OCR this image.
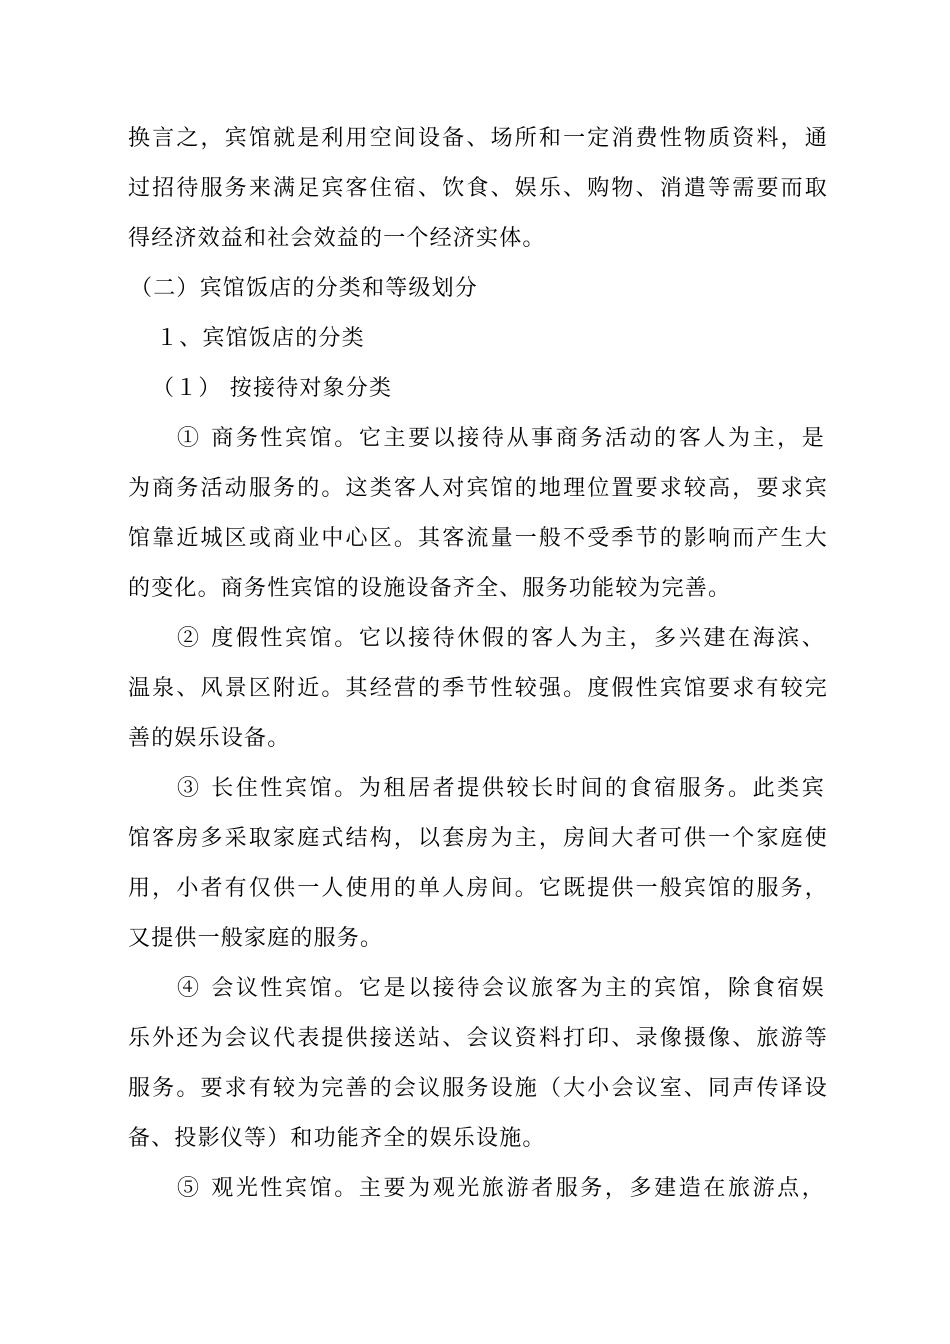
换言之，宾馆就是利用空间设备、场所和一定消费性物质资料，通
过招待服务来满足宾客住宿、饮食、娱乐、购物、消遣等需要而取
得经济效益和社会效益的一个经济实体。
（二）宾馆饭店的分类和等级划分
１、宾馆饭店的分类
（１） 按接待对象分类
① 商务性宾馆。它主要以接待从事商务活动的客人为主，是
为商务活动服务的。这类客人对宾馆的地理位置要求较高，要求宾
馆靠近城区或商业中心区。其客流量一般不受季节的影响而产生大
的变化。商务性宾馆的设施设备齐全、服务功能较为完善。
② 度假性宾馆。它以接待休假的客人为主，多兴建在海滨、
温泉、风景区附近。其经营的季节性较强。度假性宾馆要求有较完
善的娱乐设备。
③ 长住性宾馆。为租居者提供较长时间的食宿服务。此类宾
馆客房多采取家庭式结构，以套房为主，房间大者可供一个家庭使
用，小者有仅供一人使用的单人房间。它既提供一般宾馆的服务，
又提供一般家庭的服务。
④ 会议性宾馆。它是以接待会议旅客为主的宾馆，除食宿娱
乐外还为会议代表提供接送站、会议资料打印、录像摄像、旅游等
服务。要求有较为完善的会议服务设施（大小会议室、同声传译设
备、投影仪等）和功能齐全的娱乐设施。
⑤ 观光性宾馆。主要为观光旅游者服务，多建造在旅游点，
